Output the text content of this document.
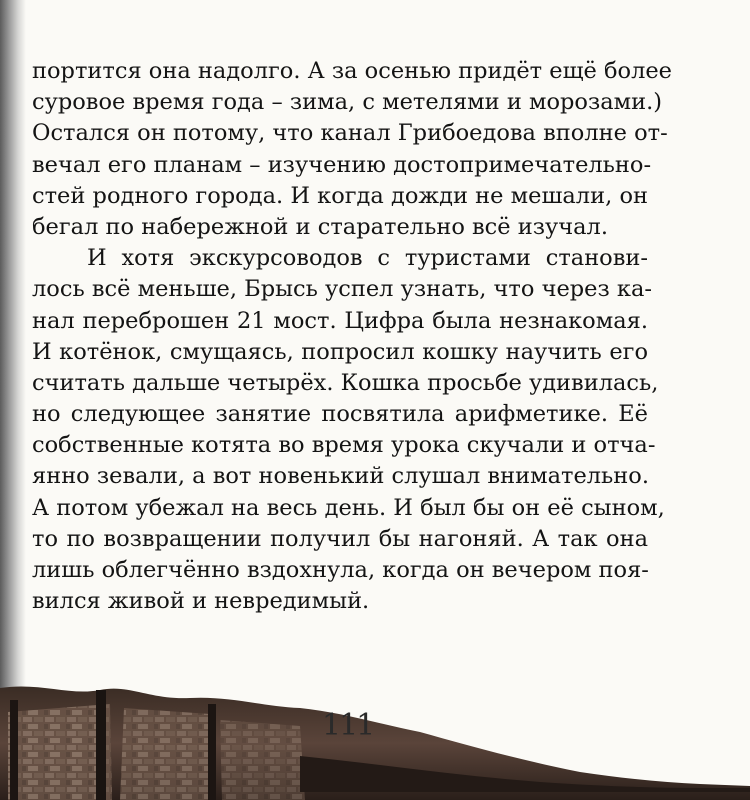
портится она надолго. А за осенью придёт ещё более
суровое время года – зима, с метелями и морозами.)
Остался он потому, что канал Грибоедова вполне от-
вечал его планам – изучению достопримечательно-
стей родного города. И когда дожди не мешали, он
бегал по набережной и старательно всё изучал.
И хотя экскурсоводов с туристами станови-
лось всё меньше, Брысь успел узнать, что через ка-
нал переброшен 21 мост. Цифра была незнакомая.
И котёнок, смущаясь, попросил кошку научить его
считать дальше четырёх. Кошка просьбе удивилась,
но следующее занятие посвятила арифметике. Её
собственные котята во время урока скучали и отча-
янно зевали, а вот новенький слушал внимательно.
А потом убежал на весь день. И был бы он её сыном,
то по возвращении получил бы нагоняй. А так она
лишь облегчённо вздохнула, когда он вечером поя-
вился живой и невредимый.
111
